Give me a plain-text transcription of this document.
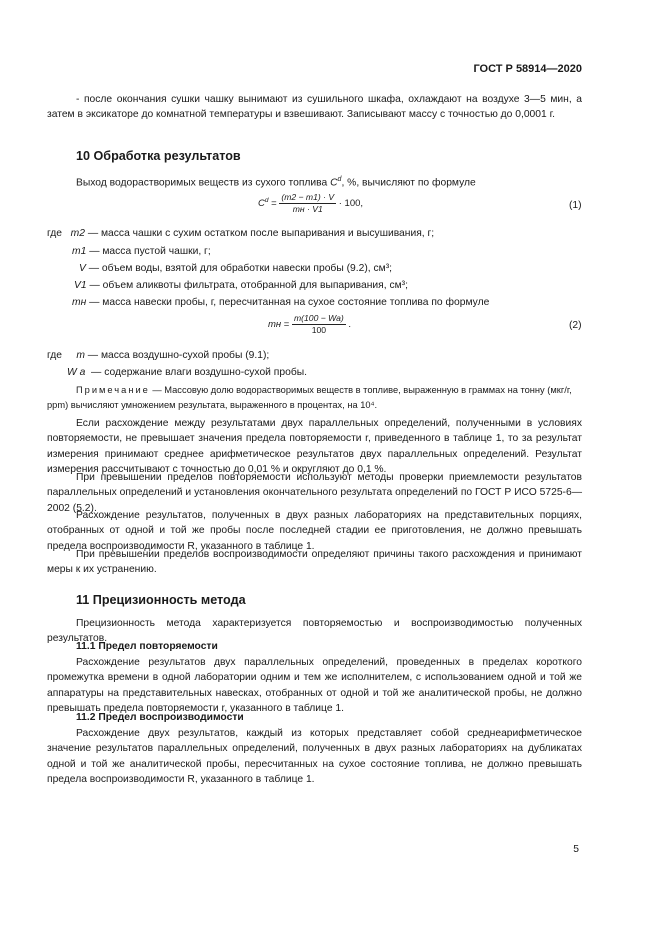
ГОСТ Р 58914—2020
- после окончания сушки чашку вынимают из сушильного шкафа, охлаждают на воздухе 3—5 мин, а затем в эксикаторе до комнатной температуры и взвешивают. Записывают массу с точностью до 0,0001 г.
10 Обработка результатов
Выход водорастворимых веществ из сухого топлива $C^d$, %, вычисляют по формуле
$C^d = \frac{(m2 - m1) \cdot V}{mн \cdot V1} \cdot 100$,	(1)
где m2 — масса чашки с сухим остатком после выпаривания и высушивания, г;
m1 — масса пустой чашки, г;
V — объем воды, взятой для обработки навески пробы (9.2), см³;
V1 — объем аликвоты фильтрата, отобранной для выпаривания, см³;
mн — масса навески пробы, г, пересчитанная на сухое состояние топлива по формуле
mн = $\frac{m(100 - Wa)}{100}$ .	(2)
где m — масса воздушно-сухой пробы (9.1);
W a — содержание влаги воздушно-сухой пробы.
Примечание — Массовую долю водорастворимых веществ в топливе, выраженную в граммах на тонну (мкг/г, ppm) вычисляют умножением результата, выраженного в процентах, на 10⁴.
Если расхождение между результатами двух параллельных определений, полученными в условиях повторяемости, не превышает значения предела повторяемости r, приведенного в таблице 1, то за результат измерения принимают среднее арифметическое результатов двух параллельных определений. Результат измерения рассчитывают с точностью до 0,01 % и округляют до 0,1 %.
При превышении пределов повторяемости используют методы проверки приемлемости результатов параллельных определений и установления окончательного результата определений по ГОСТ Р ИСО 5725-6—2002 (5.2).
Расхождение результатов, полученных в двух разных лабораториях на представительных порциях, отобранных от одной и той же пробы после последней стадии ее приготовления, не должно превышать предела воспроизводимости R, указанного в таблице 1.
При превышении пределов воспроизводимости определяют причины такого расхождения и принимают меры к их устранению.
11 Прецизионность метода
Прецизионность метода характеризуется повторяемостью и воспроизводимостью полученных результатов.
11.1 Предел повторяемости
Расхождение результатов двух параллельных определений, проведенных в пределах короткого промежутка времени в одной лаборатории одним и тем же исполнителем, с использованием одной и той же аппаратуры на представительных навесках, отобранных от одной и той же аналитической пробы, не должно превышать предела повторяемости r, указанного в таблице 1.
11.2 Предел воспроизводимости
Расхождение двух результатов, каждый из которых представляет собой среднеарифметическое значение результатов параллельных определений, полученных в двух разных лабораториях на дубликатах одной и той же аналитической пробы, пересчитанных на сухое состояние топлива, не должно превышать предела воспроизводимости R, указанного в таблице 1.
5
